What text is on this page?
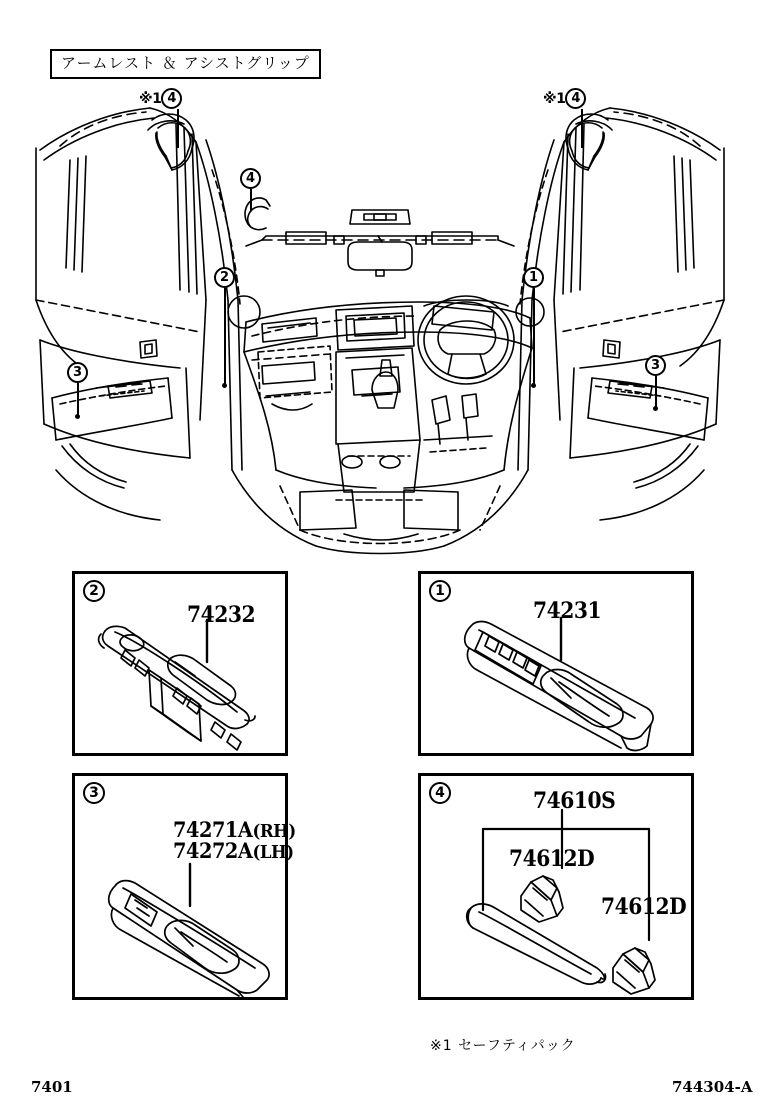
アームレスト ＆ アシストグリップ
※1 4	※1 4
4
2	1
3	3
2
74232
1
74231
3
74271A(RH)
74272A(LH)
4	74610S
74612D
74612D
※1 セーフティパック
7401	744304-A
